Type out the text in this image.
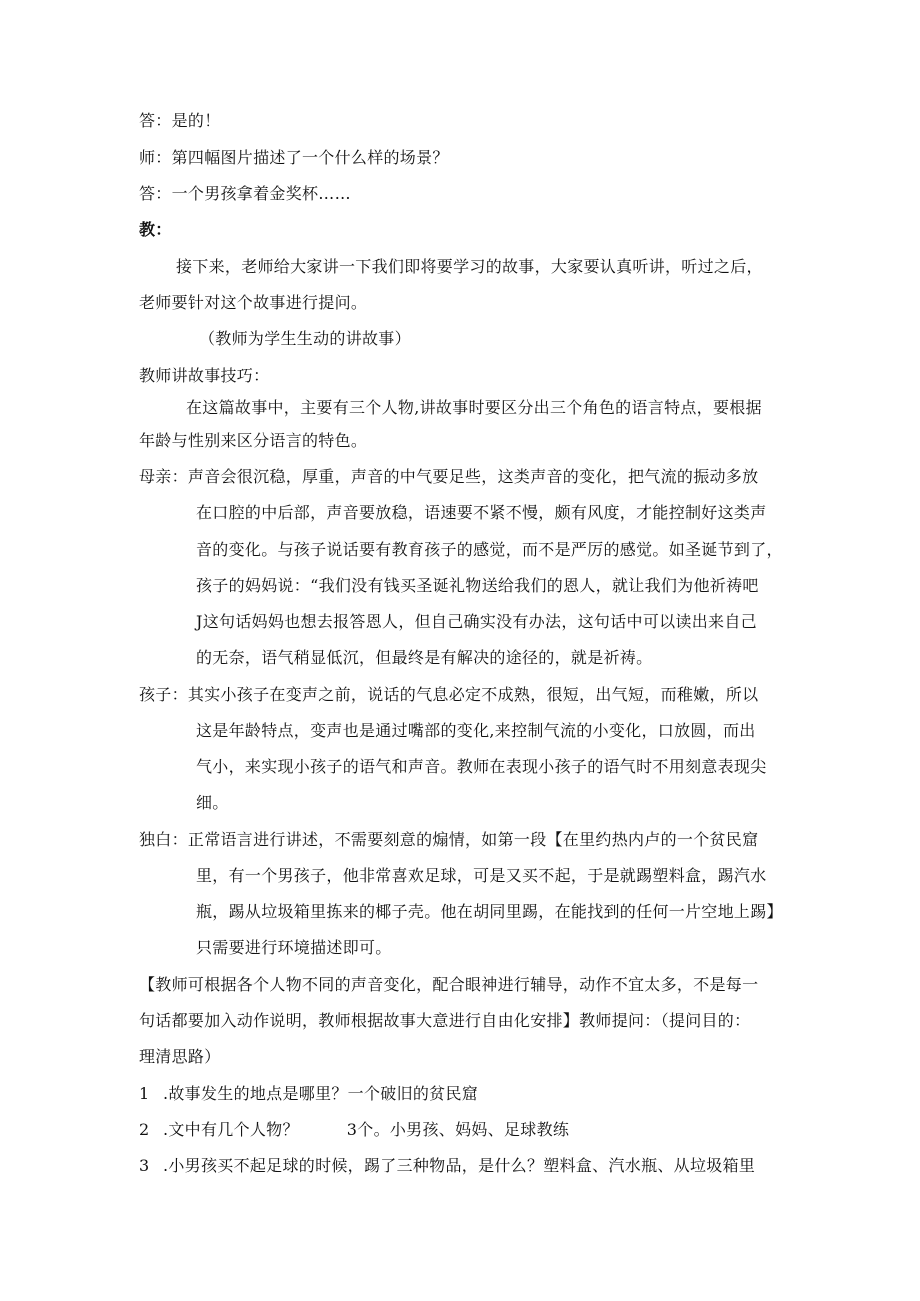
答：是的！
师：第四幅图片描述了一个什么样的场景？
答：一个男孩拿着金奖杯……
教：
接下来，老师给大家讲一下我们即将要学习的故事，大家要认真听讲，听过之后，
老师要针对这个故事进行提问。
（教师为学生生动的讲故事）
教师讲故事技巧：
在这篇故事中，主要有三个人物,讲故事时要区分出三个角色的语言特点，要根据
年龄与性别来区分语言的特色。
母亲：声音会很沉稳，厚重，声音的中气要足些，这类声音的变化，把气流的振动多放
在口腔的中后部，声音要放稳，语速要不紧不慢，颇有风度，才能控制好这类声
音的变化。与孩子说话要有教育孩子的感觉，而不是严厉的感觉。如圣诞节到了，
孩子的妈妈说：“我们没有钱买圣诞礼物送给我们的恩人，就让我们为他祈祷吧
J这句话妈妈也想去报答恩人，但自己确实没有办法，这句话中可以读出来自己
的无奈，语气稍显低沉，但最终是有解决的途径的，就是祈祷。
孩子：其实小孩子在变声之前，说话的气息必定不成熟，很短，出气短，而稚嫩，所以
这是年龄特点，变声也是通过嘴部的变化,来控制气流的小变化，口放圆，而出
气小，来实现小孩子的语气和声音。教师在表现小孩子的语气时不用刻意表现尖
细。
独白：正常语言进行讲述，不需要刻意的煽情，如第一段【在里约热内卢的一个贫民窟
里，有一个男孩子，他非常喜欢足球，可是又买不起，于是就踢塑料盒，踢汽水
瓶，踢从垃圾箱里拣来的椰子壳。他在胡同里踢，在能找到的任何一片空地上踢】
只需要进行环境描述即可。
【教师可根据各个人物不同的声音变化，配合眼神进行辅导，动作不宜太多，不是每一
句话都要加入动作说明，教师根据故事大意进行自由化安排】教师提问：（提问目的：
理清思路）
1 .故事发生的地点是哪里？一个破旧的贫民窟
2 .文中有几个人物？	3个。小男孩、妈妈、足球教练
3 .小男孩买不起足球的时候，踢了三种物品，是什么？塑料盒、汽水瓶、从垃圾箱里
